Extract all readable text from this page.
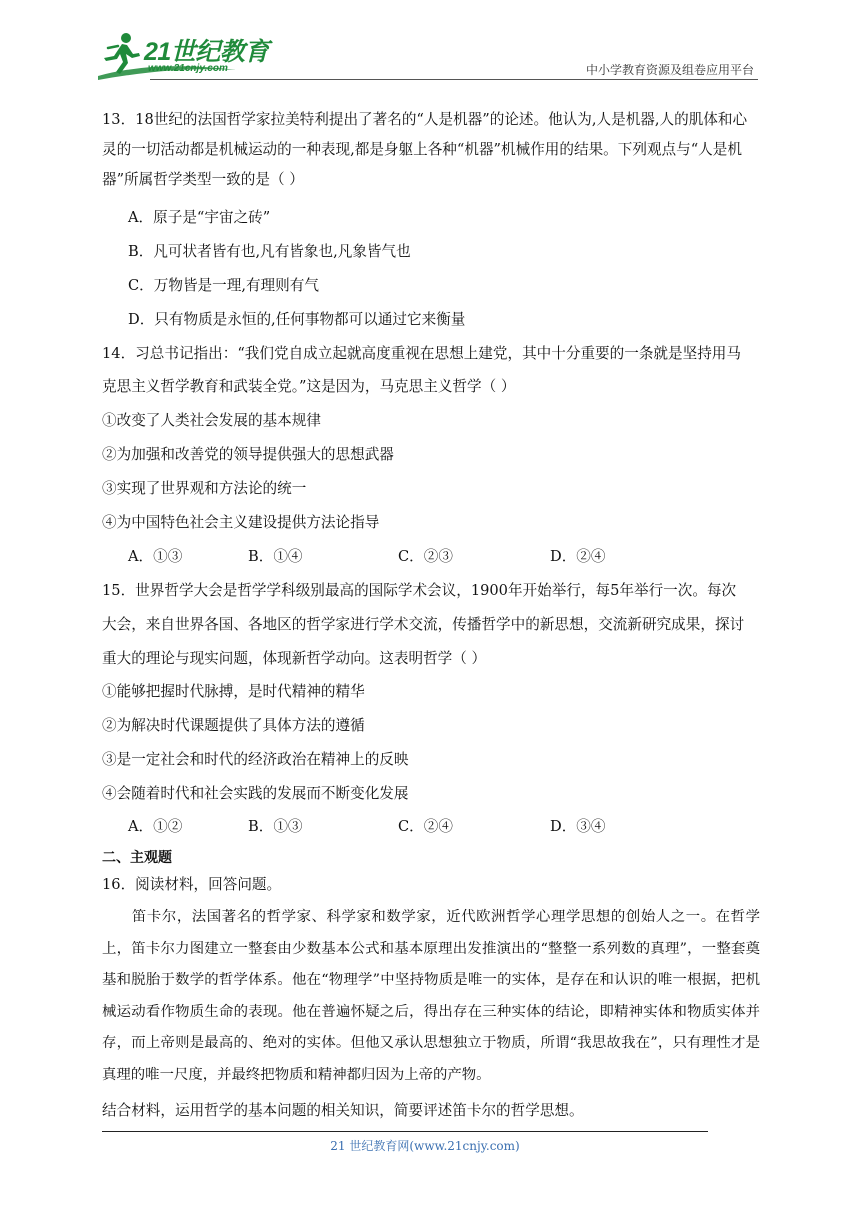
21世纪教育
www.21cnjy.com	中小学教育资源及组卷应用平台
13．18世纪的法国哲学家拉美特利提出了著名的“人是机器”的论述。他认为,人是机器,人的肌体和心
灵的一切活动都是机械运动的一种表现,都是身躯上各种“机器”机械作用的结果。下列观点与“人是机
器”所属哲学类型一致的是（ ）
A．原子是“宇宙之砖”
B．凡可状者皆有也,凡有皆象也,凡象皆气也
C．万物皆是一理,有理则有气
D．只有物质是永恒的,任何事物都可以通过它来衡量
14．习总书记指出：“我们党自成立起就高度重视在思想上建党，其中十分重要的一条就是坚持用马
克思主义哲学教育和武装全党。”这是因为，马克思主义哲学（ ）
①改变了人类社会发展的基本规律
②为加强和改善党的领导提供强大的思想武器
③实现了世界观和方法论的统一
④为中国特色社会主义建设提供方法论指导
A．①③	B．①④	C．②③	D．②④
15．世界哲学大会是哲学学科级别最高的国际学术会议，1900年开始举行，每5年举行一次。每次
大会，来自世界各国、各地区的哲学家进行学术交流，传播哲学中的新思想，交流新研究成果，探讨
重大的理论与现实问题，体现新哲学动向。这表明哲学（ ）
①能够把握时代脉搏，是时代精神的精华
②为解决时代课题提供了具体方法的遵循
③是一定社会和时代的经济政治在精神上的反映
④会随着时代和社会实践的发展而不断变化发展
A．①②	B．①③	C．②④	D．③④
二、主观题
16．阅读材料，回答问题。
　　笛卡尔，法国著名的哲学家、科学家和数学家，近代欧洲哲学心理学思想的创始人之一。在哲学上，笛卡尔力图建立一整套由少数基本公式和基本原理出发推演出的“整整一系列数的真理”，一整套奠基和脱胎于数学的哲学体系。他在“物理学”中坚持物质是唯一的实体，是存在和认识的唯一根据，把机械运动看作物质生命的表现。他在普遍怀疑之后，得出存在三种实体的结论，即精神实体和物质实体并存，而上帝则是最高的、绝对的实体。但他又承认思想独立于物质，所谓“我思故我在”，只有理性才是真理的唯一尺度，并最终把物质和精神都归因为上帝的产物。
结合材料，运用哲学的基本问题的相关知识，简要评述笛卡尔的哲学思想。
21 世纪教育网(www.21cnjy.com)
